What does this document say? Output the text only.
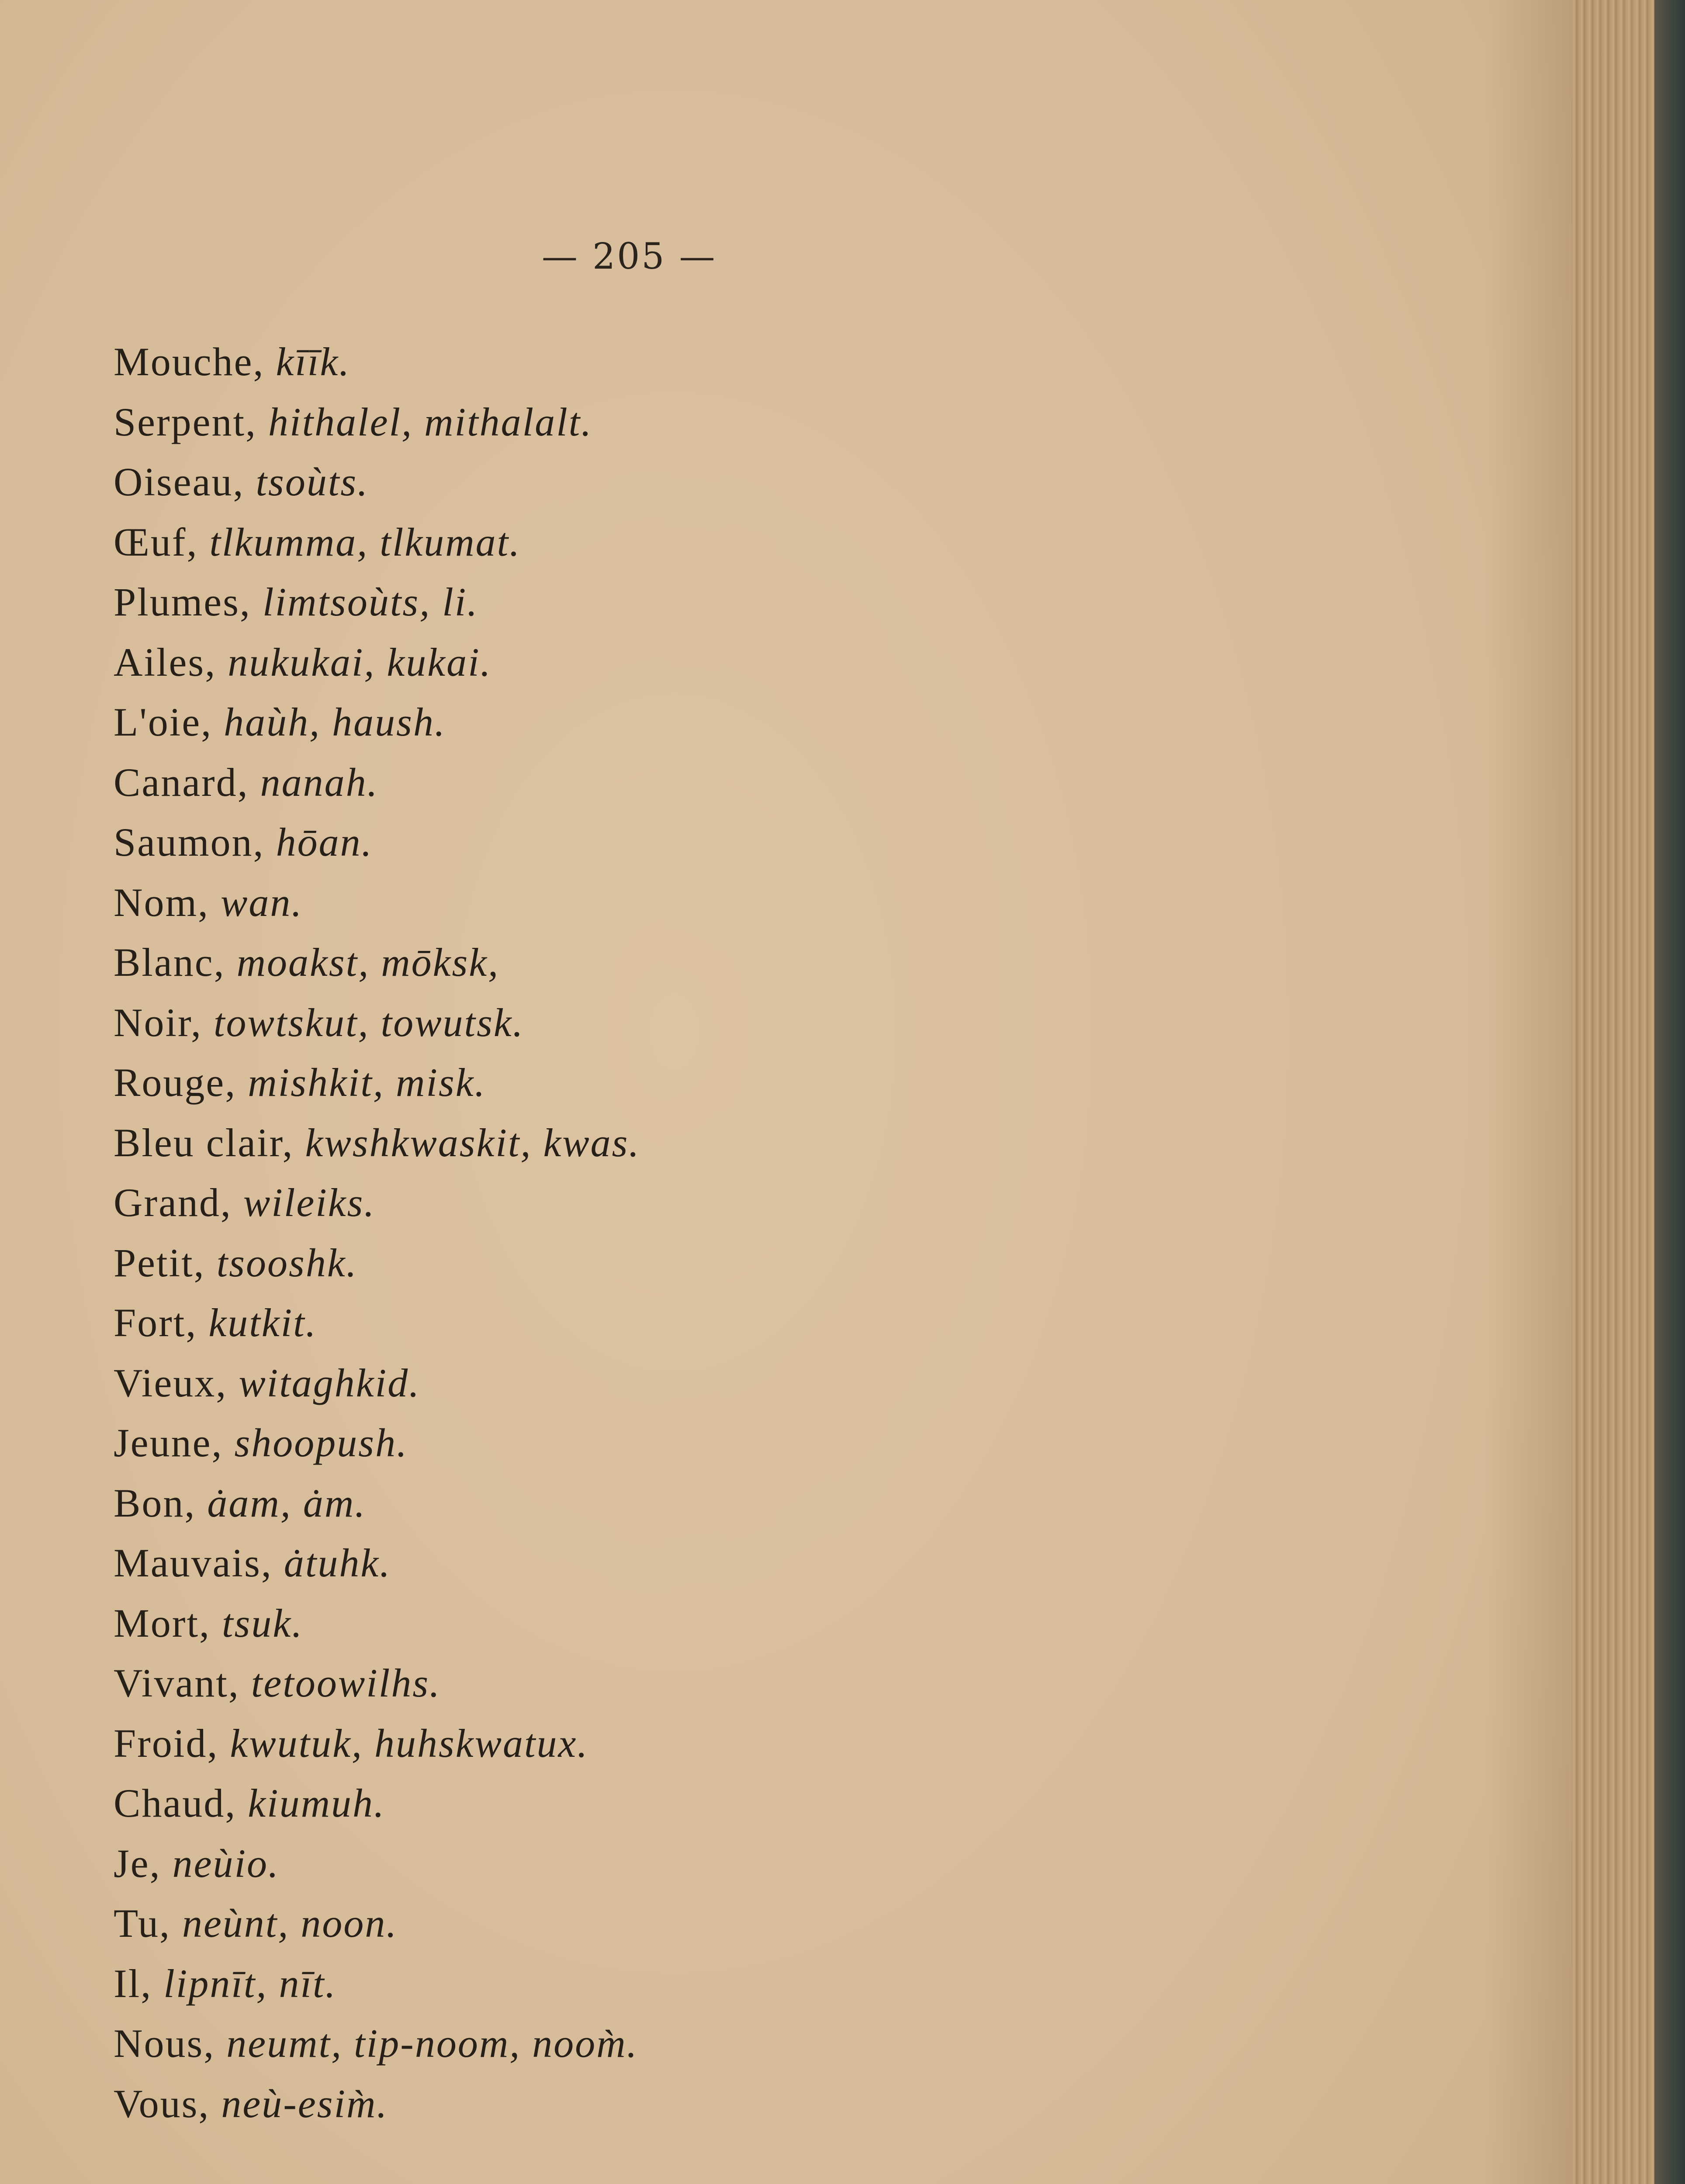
— 205 —
Mouche, kīīk.
Serpent, hithalel, mithalalt.
Oiseau, tsoùts.
Œuf, tlkumma, tlkumat.
Plumes, limtsoùts, li.
Ailes, nukukai, kukai.
L'oie, haùh, haush.
Canard, nanah.
Saumon, hōan.
Nom, wan.
Blanc, moakst, mōksk,
Noir, towtskut, towutsk.
Rouge, mishkit, misk.
Bleu clair, kwshkwaskit, kwas.
Grand, wileiks.
Petit, tsooshk.
Fort, kutkit.
Vieux, witaghkid.
Jeune, shoopush.
Bon, ȧam, ȧm.
Mauvais, ȧtuhk.
Mort, tsuk.
Vivant, tetoowilhs.
Froid, kwutuk, huhskwatux.
Chaud, kiumuh.
Je, neùio.
Tu, neùnt, noon.
Il, lipnīt, nīt.
Nous, neumt, tip-noom, noom̀.
Vous, neù-esim̀.
